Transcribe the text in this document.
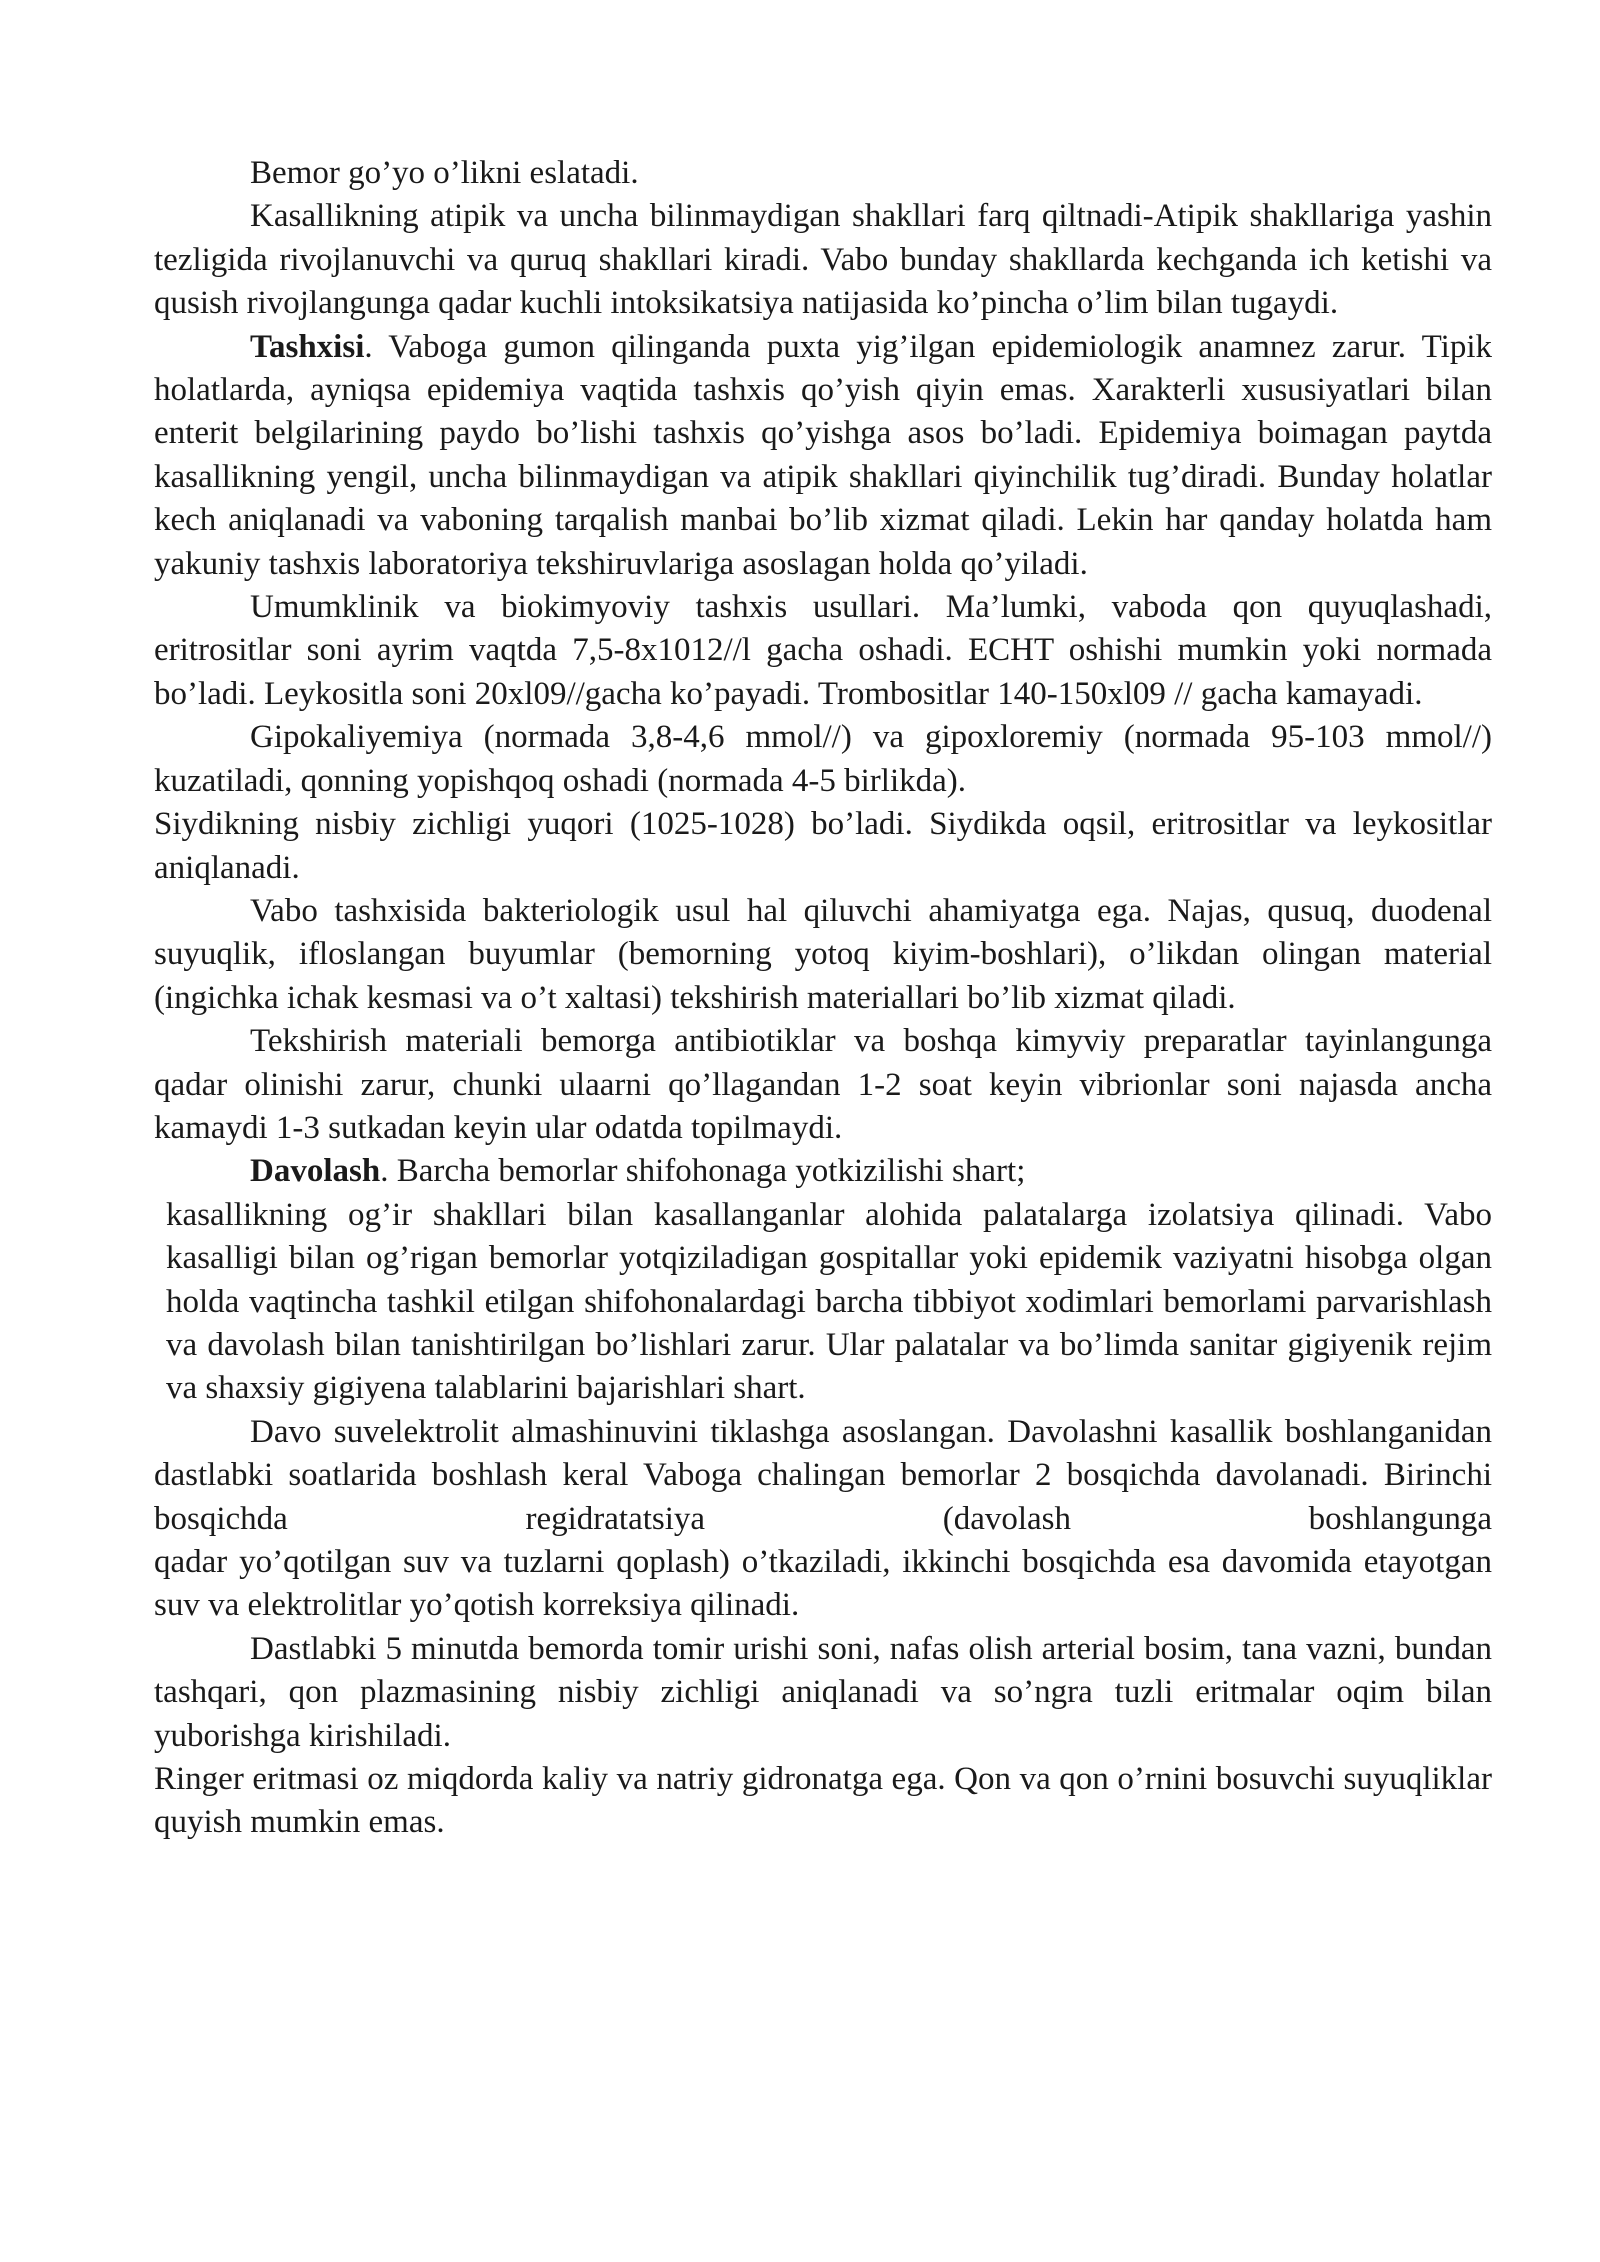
Bemor go’yo o’likni eslatadi.

Kasallikning atipik va uncha bilinmaydigan shakllari farq qiltnadi-Atipik shakllariga yashin tezligida rivojlanuvchi va quruq shakllari kiradi. Vabo bunday shakllarda kechganda ich ketishi va qusish rivojlangunga qadar kuchli intoksikatsiya natijasida ko’pincha o’lim bilan tugaydi.

Tashxisi. Vaboga gumon qilinganda puxta yig’ilgan epidemiologik anamnez zarur. Tipik holatlarda, ayniqsa epidemiya vaqtida tashxis qo’yish qiyin emas. Xarakterli xususiyatlari bilan enterit belgilarining paydo bo’lishi tashxis qo’yishga asos bo’ladi. Epidemiya boimagan paytda kasallikning yengil, uncha bilinmaydigan va atipik shakllari qiyinchilik tug’diradi. Bunday holatlar kech aniqlanadi va vaboning tarqalish manbai bo’lib xizmat qiladi. Lekin har qanday holatda ham yakuniy tashxis laboratoriya tekshiruvlariga asoslagan holda qo’yiladi.

Umumklinik va biokimyoviy tashxis usullari. Ma’lumki, vaboda qon quyuqlashadi, eritrositlar soni ayrim vaqtda 7,5-8x1012//l gacha oshadi. ECHT oshishi mumkin yoki normada bo’ladi. Leykositla soni 20xl09//gacha ko’payadi. Trombositlar 140-150xl09 // gacha kamayadi.

Gipokaliyemiya (normada 3,8-4,6 mmol//) va gipoxloremiy (normada 95-103 mmol//) kuzatiladi, qonning yopishqoq oshadi (normada 4-5 birlikda).

Siydikning nisbiy zichligi yuqori (1025-1028) bo’ladi. Siydikda oqsil, eritrositlar va leykositlar aniqlanadi.

Vabo tashxisida bakteriologik usul hal qiluvchi ahamiyatga ega. Najas, qusuq, duodenal suyuqlik, ifloslangan buyumlar (bemorning yotoq kiyim-boshlari), o’likdan olingan material (ingichka ichak kesmasi va o’t xaltasi) tekshirish materiallari bo’lib xizmat qiladi.

Tekshirish materiali bemorga antibiotiklar va boshqa kimyviy preparatlar tayinlangunga qadar olinishi zarur, chunki ulaarni qo’llagandan 1-2 soat keyin vibrionlar soni najasda ancha kamaydi 1-3 sutkadan keyin ular odatda topilmaydi.

Davolash. Barcha bemorlar shifohonaga yotkizilishi shart;

kasallikning og’ir shakllari bilan kasallanganlar alohida palatalarga izolatsiya qilinadi. Vabo kasalligi bilan og’rigan bemorlar yotqiziladigan gospitallar yoki epidemik vaziyatni hisobga olgan holda vaqtincha tashkil etilgan shifohonalardagi barcha tibbiyot xodimlari bemorlami parvarishlash va davolash bilan tanishtirilgan bo’lishlari zarur. Ular palatalar va bo’limda sanitar gigiyenik rejim va shaxsiy gigiyena talablarini bajarishlari shart.

Davo suvelektrolit almashinuvini tiklashga asoslangan. Davolashni kasallik boshlanganidan dastlabki soatlarida boshlash keral Vaboga chalingan bemorlar 2 bosqichda davolanadi. Birinchi bosqichda regidratatsiya (davolash boshlangunga

qadar yo’qotilgan suv va tuzlarni qoplash) o’tkaziladi, ikkinchi bosqichda esa davomida etayotgan suv va elektrolitlar yo’qotish korreksiya qilinadi.

Dastlabki 5 minutda bemorda tomir urishi soni, nafas olish arterial bosim, tana vazni, bundan tashqari, qon plazmasining nisbiy zichligi aniqlanadi va so’ngra tuzli eritmalar oqim bilan yuborishga kirishiladi.

Ringer eritmasi oz miqdorda kaliy va natriy gidronatga ega. Qon va qon o’rnini bosuvchi suyuqliklar quyish mumkin emas.
